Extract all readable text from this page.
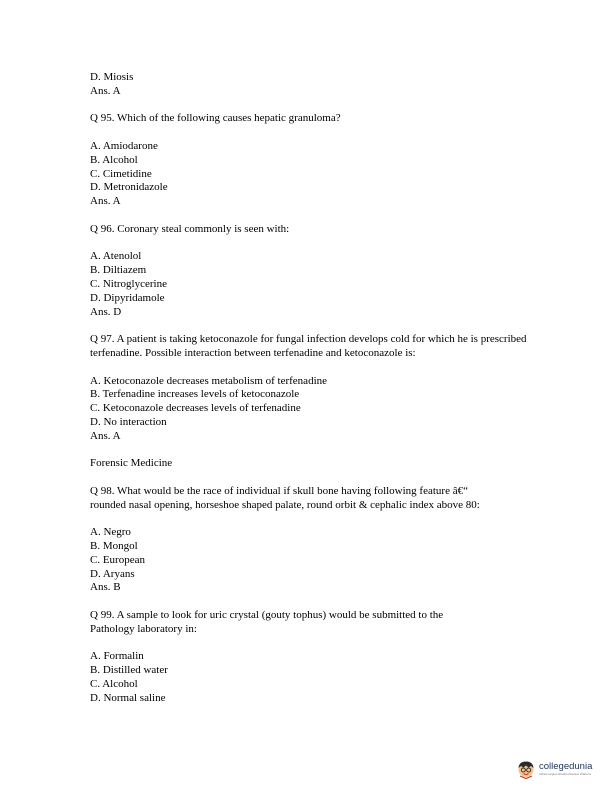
D. Miosis
Ans. A
Q 95. Which of the following causes hepatic granuloma?
A. Amiodarone
B. Alcohol
C. Cimetidine
D. Metronidazole
Ans. A
Q 96. Coronary steal commonly is seen with:
A. Atenolol
B. Diltiazem
C. Nitroglycerine
D. Dipyridamole
Ans. D
Q 97. A patient is taking ketoconazole for fungal infection develops cold for which he is prescribed terfenadine. Possible interaction between terfenadine and ketoconazole is:
A. Ketoconazole decreases metabolism of terfenadine
B. Terfenadine increases levels of ketoconazole
C. Ketoconazole decreases levels of terfenadine
D. No interaction
Ans. A
Forensic Medicine
Q 98. What would be the race of individual if skull bone having following feature â€“
rounded nasal opening, horseshoe shaped palate, round orbit & cephalic index above 80:
A. Negro
B. Mongol
C. European
D. Aryans
Ans. B
Q 99. A sample to look for uric crystal (gouty tophus) would be submitted to the
Pathology laboratory in:
A. Formalin
B. Distilled water
C. Alcohol
D. Normal saline
collegedunia
India's largest Student Review Platform
